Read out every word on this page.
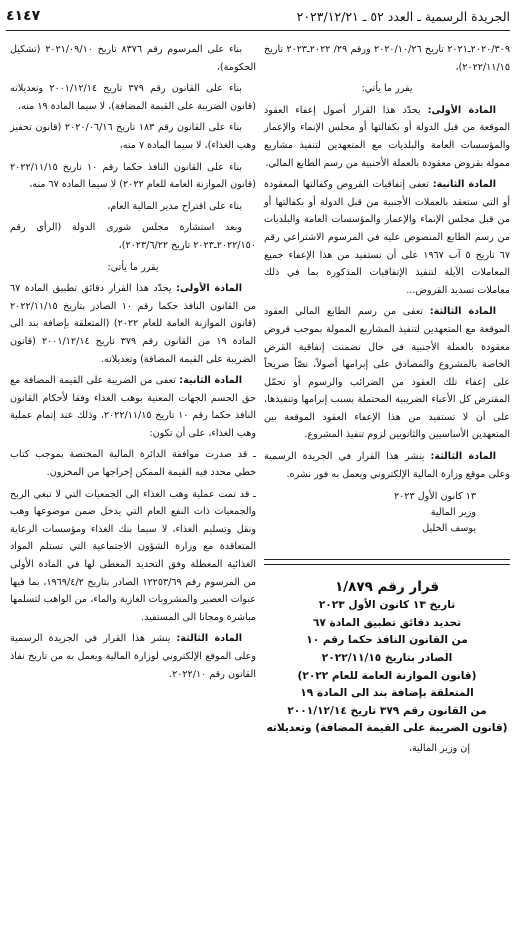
الجريدة الرسمية ـ العدد ٥٢ ـ ٢٠٢٣/١٢/٢١
٤١٤٧

٢٠٢٠/٣٠٩ـ٢٠٢١ تاريخ ٢٠٢٠/١٠/٢٦ ورقم ٢٩/ ٢٠٢٢ـ٢٠٢٣ تاريخ ٢٠٢٢/١١/١٥)،

يقرر ما يأتي:

المادة الأولى: يحدّد هذا القرار أصول إعفاء العقود الموقعة من قبل الدولة أو بكفالتها أو مجلس الإنماء والإعمار والمؤسسات العامة والبلديات مع المتعهدين لتنفيذ مشاريع ممولة بقروض معقودة بالعملة الأجنبية من رسم الطابع المالي.

المادة الثانية: تعفى إتفاقيات القروض وكفالتها المعقودة أو التي ستعقد بالعملات الأجنبية من قبل الدولة أو بكفالتها أو من قبل مجلس الإنماء والإعمار والمؤسسات العامة والبلديات من رسم الطابع المنصوص عليه في المرسوم الاشتراعي رقم ٦٧ تاريخ ٥ آب ١٩٦٧ على أن تستفيد من هذا الإعفاء جميع المعاملات الآيلة لتنفيذ الإتفاقيات المذكورة بما في ذلك معاملات تسديد القروض...

المادة الثالثة: تعفى من رسم الطابع المالي العقود الموقعة مع المتعهدين لتنفيذ المشاريع الممولة بموجب قروض معقودة بالعملة الأجنبية في حال تضمنت إتفاقية القرض الخاصة بالمشروع والمصادق على إبرامها أصولاً، نصّاً صريحاً على إعفاء تلك العقود من الضرائب والرسوم أو تحمّل المقترض كل الأعباء الضريبية المحتملة بسبب إبرامها وتنفيذها، على أن لا تستفيد من هذا الإعفاء العقود الموقعة بين المتعهدين الأساسيين والثانويين لزوم تنفيذ المشروع.

المادة الثالثة: ينشر هذا القرار في الجريدة الرسمية وعلى موقع وزارة المالية الإلكتروني ويعمل به فور نشره.

١٣ كانون الأول ٢٠٢٣
وزير المالية
يوسف الخليل
قرار رقم ١/٨٧٩
تاريخ ١٣ كانون الأول ٢٠٢٣
تحديد دقائق تطبيق المادة ٦٧
من القانون النافذ حكما رقم ١٠
الصادر بتاريخ ٢٠٢٢/١١/١٥
(قانون الموازنة العامة للعام ٢٠٢٢)
المتعلقة بإضافة بند الى المادة ١٩
من القانون رقم ٣٧٩ تاريخ ٢٠٠١/١٢/١٤
(قانون الضريبة على القيمة المضافة) وتعديلاته
إن وزير المالية،

بناء على المرسوم رقم ٨٣٧٦ تاريخ ٢٠٢١/٠٩/١٠ (تشكيل الحكومة)،

بناء على القانون رقم ٣٧٩ تاريخ ٢٠٠١/١٢/١٤ وتعديلاته (قانون الضريبة على القيمة المضافة)، لا سيما المادة ١٩ منه،

بناء على القانون رقم ١٨٣ تاريخ ٢٠٢٠/٠٦/١٦ (قانون تحفيز وهب الغذاء)، لا سيما المادة ٧ منه،

بناء على القانون النافذ حكما رقم ١٠ تاريخ ٢٠٢٢/١١/١٥ (قانون الموازنة العامة للعام ٢٠٢٢) لا سيما المادة ٦٧ منه،

بناء على اقتراح مدير المالية العام،

وبعد استشارة مجلس شورى الدولة (الرأي رقم ٢٠٢٢/١٥٠ـ٢٠٢٣ تاريخ ٢٠٢٣/٦/٢٢)،

يقرر ما يأتي:

المادة الأولى: يحدّد هذا القرار دقائق تطبيق المادة ٦٧ من القانون النافذ حكما رقم ١٠ الصادر بتاريخ ٢٠٢٢/١١/١٥ (قانون الموازنة العامة للعام ٢٠٢٢) (المتعلقة بإضافة بند الى المادة ١٩ من القانون رقم ٣٧٩ تاريخ ٢٠٠١/١٢/١٤ (قانون الضريبة على القيمة المضافة) وتعديلاته.

المادة الثانية: تعفى من الضريبة على القيمة المضافة مع حق الحسم الجهات المعنية بوهب الغذاء وفقا لأحكام القانون النافذ حكما رقم ١٠ تاريخ ٢٠٢٢/١١/١٥، وذلك عند إتمام عملية وهب الغذاء، على أن تكون:

ـ قد صدرت موافقة الدائرة المالية المختصة بموجب كتاب خطي محدد فيه القيمة الممكن إخراجها من المخزون.

ـ قد تمت عملية وهب الغذاء الى الجمعيات التي لا تبغي الربح والجمعيات ذات النفع العام التي يدخل ضمن موضوعها وهب ونقل وتسليم الغذاء، لا سيما بنك الغذاء ومؤسسات الرعاية المتعاقدة مع وزارة الشؤون الاجتماعية التي تستلم المواد الغذائية المعطلة وفق التحديد المعطى لها في المادة الأولى من المرسوم رقم ١٢٢٥٣/٦٩ الصادر بتاريخ ١٩٦٩/٤/٢، بما فيها عبوات العصير والمشروبات الغازية والماء، من الواهب لتسلمها مباشرة ومجانا الى المستفيد.

المادة الثالثة: ينشر هذا القرار في الجريدة الرسمية وعلى الموقع الإلكتروني لوزارة المالية ويعمل به من تاريخ نفاذ القانون رقم ٢٠٢٢/١٠.
